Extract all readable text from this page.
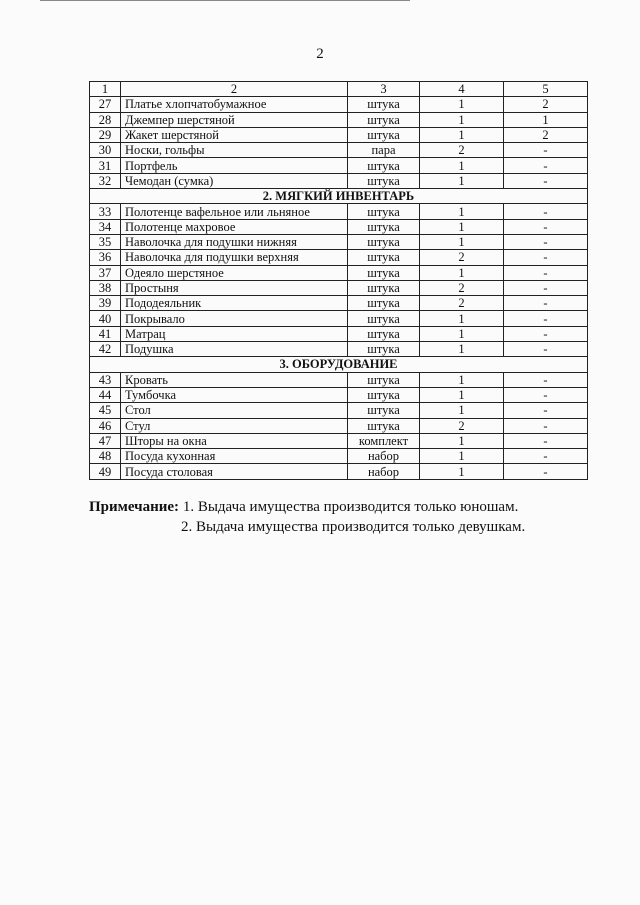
2
1	2	3	4	5
27	Платье хлопчатобумажное	штука	1	2
28	Джемпер шерстяной	штука	1	1
29	Жакет шерстяной	штука	1	2
30	Носки, гольфы	пара	2	-
31	Портфель	штука	1	-
32	Чемодан (сумка)	штука	1	-
2. МЯГКИЙ ИНВЕНТАРЬ				
33	Полотенце вафельное или льняное	штука	1	-
34	Полотенце махровое	штука	1	-
35	Наволочка для подушки нижняя	штука	1	-
36	Наволочка для подушки верхняя	штука	2	-
37	Одеяло шерстяное	штука	1	-
38	Простыня	штука	2	-
39	Пододеяльник	штука	2	-
40	Покрывало	штука	1	-
41	Матрац	штука	1	-
42	Подушка	штука	1	-
3. ОБОРУДОВАНИЕ				
43	Кровать	штука	1	-
44	Тумбочка	штука	1	-
45	Стол	штука	1	-
46	Стул	штука	2	-
47	Шторы на окна	комплект	1	-
48	Посуда кухонная	набор	1	-
49	Посуда столовая	набор	1	-
Примечание: 1. Выдача имущества производится только юношам.
2. Выдача имущества производится только девушкам.
